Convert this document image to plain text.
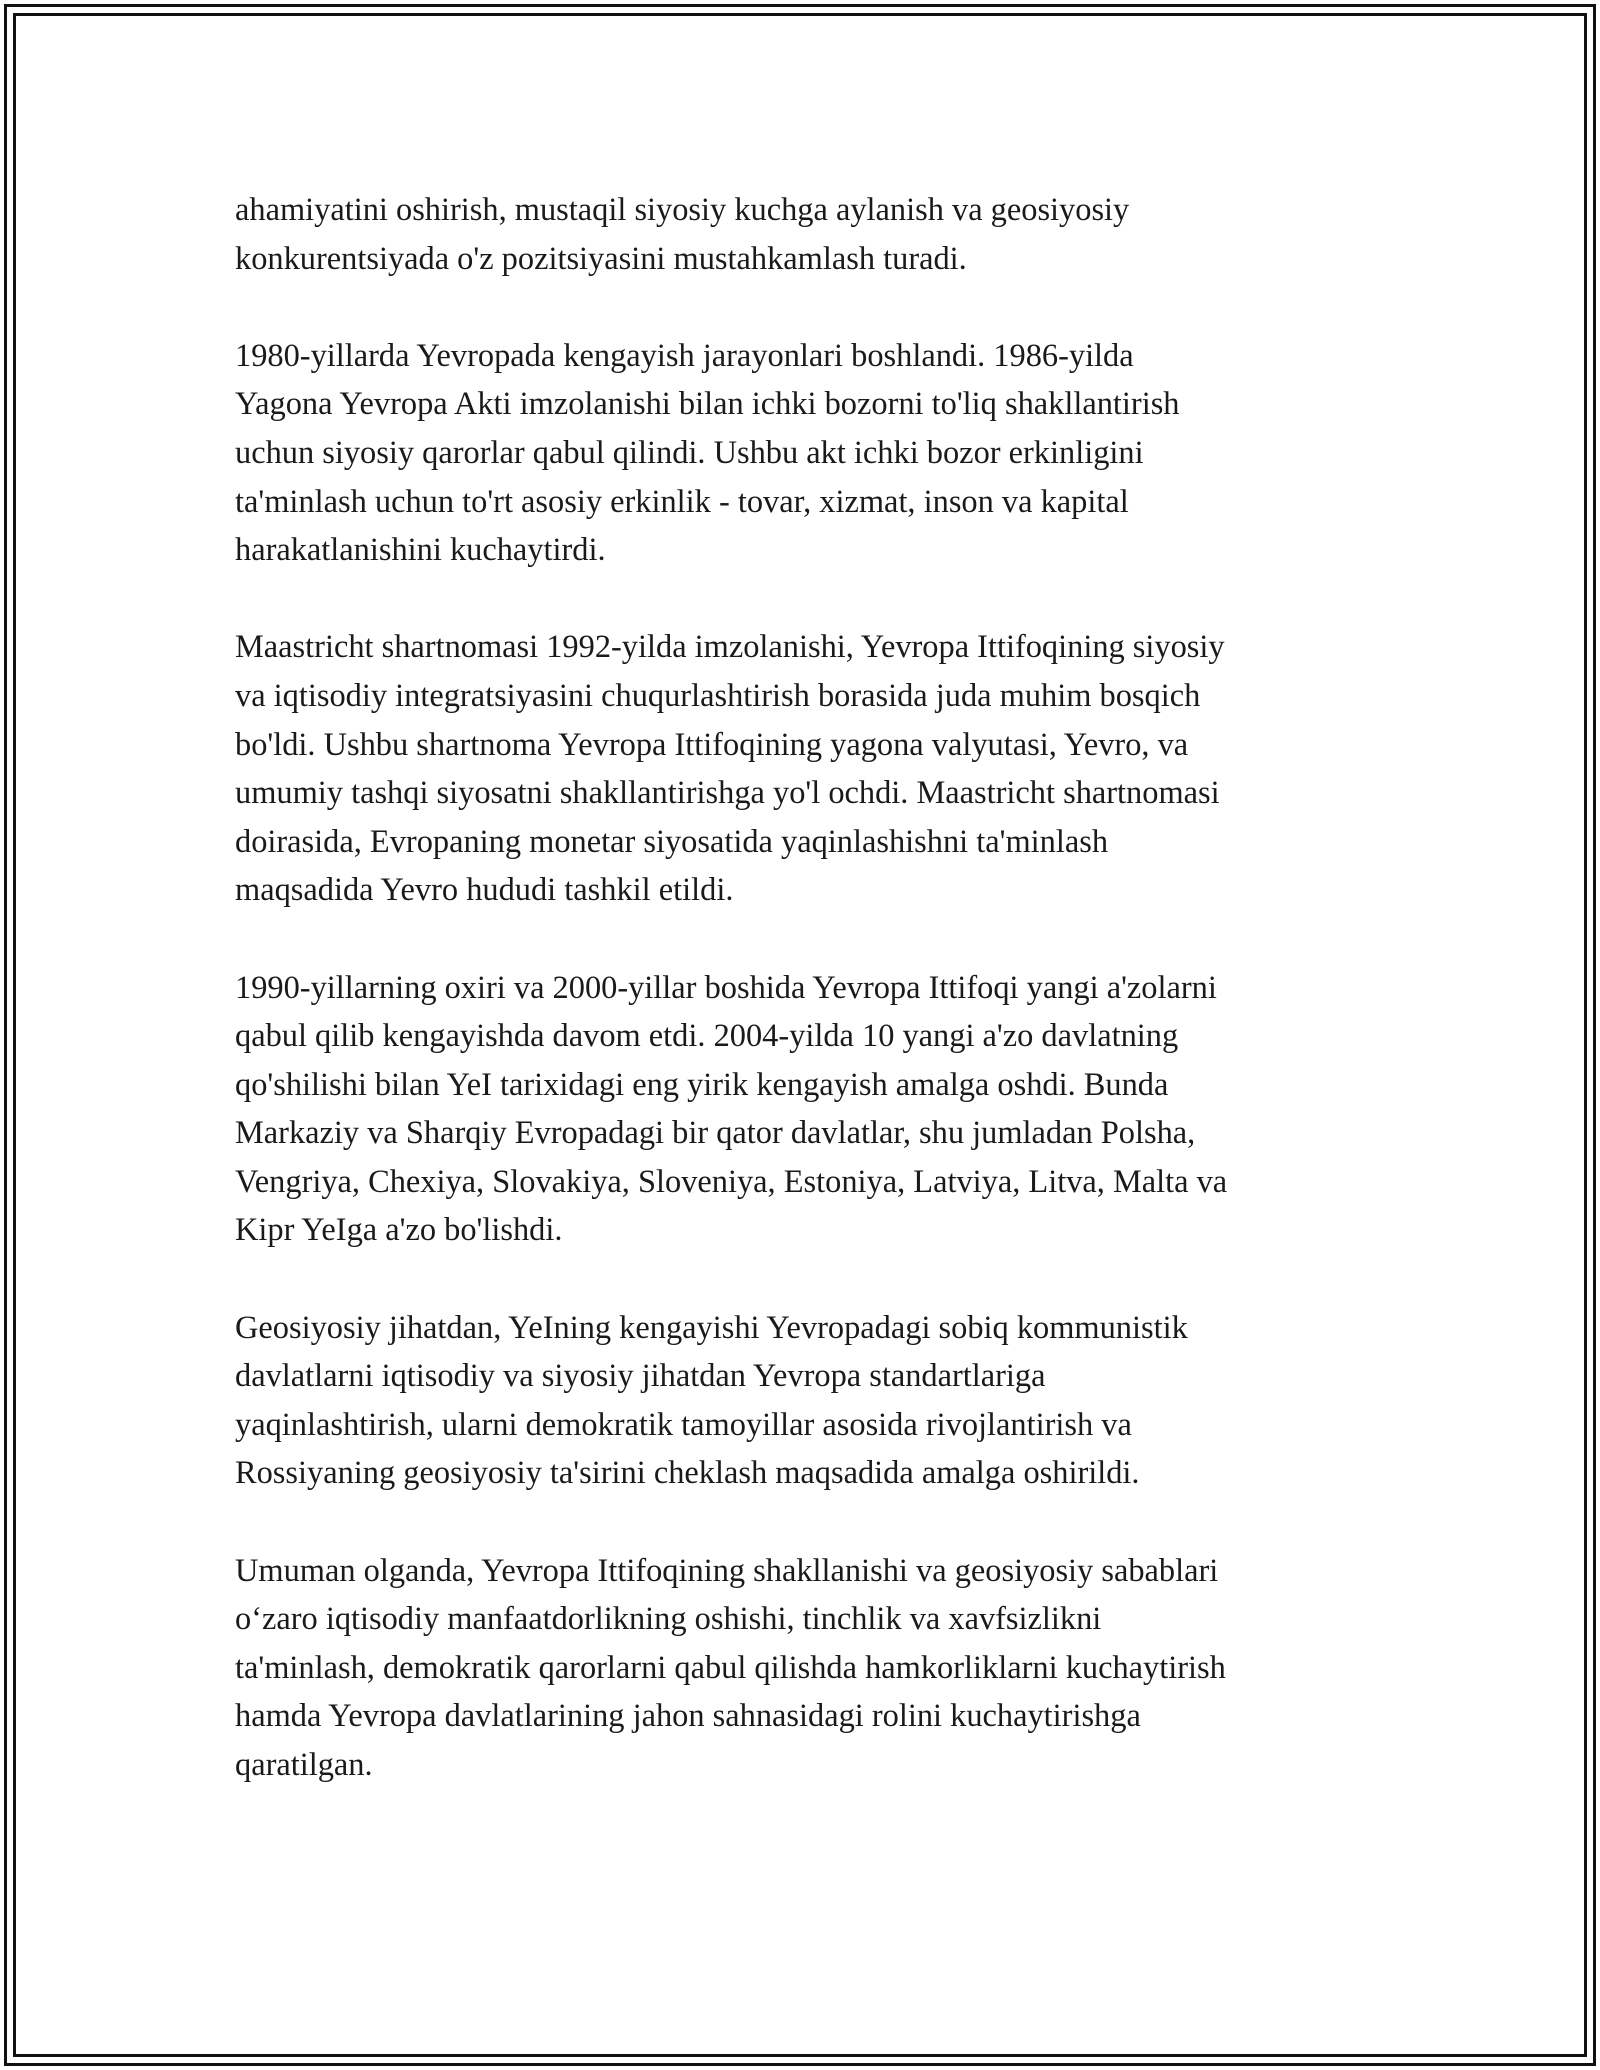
ahamiyatini oshirish, mustaqil siyosiy kuchga aylanish va geosiyosiy
konkurentsiyada o'z pozitsiyasini mustahkamlash turadi.

1980-yillarda Yevropada kengayish jarayonlari boshlandi. 1986-yilda
Yagona Yevropa Akti imzolanishi bilan ichki bozorni to'liq shakllantirish
uchun siyosiy qarorlar qabul qilindi. Ushbu akt ichki bozor erkinligini
ta'minlash uchun to'rt asosiy erkinlik - tovar, xizmat, inson va kapital
harakatlanishini kuchaytirdi.

Maastricht shartnomasi 1992-yilda imzolanishi, Yevropa Ittifoqining siyosiy
va iqtisodiy integratsiyasini chuqurlashtirish borasida juda muhim bosqich
bo'ldi. Ushbu shartnoma Yevropa Ittifoqining yagona valyutasi, Yevro, va
umumiy tashqi siyosatni shakllantirishga yo'l ochdi. Maastricht shartnomasi
doirasida, Evropaning monetar siyosatida yaqinlashishni ta'minlash
maqsadida Yevro hududi tashkil etildi.

1990-yillarning oxiri va 2000-yillar boshida Yevropa Ittifoqi yangi a'zolarni
qabul qilib kengayishda davom etdi. 2004-yilda 10 yangi a'zo davlatning
qo'shilishi bilan YeI tarixidagi eng yirik kengayish amalga oshdi. Bunda
Markaziy va Sharqiy Evropadagi bir qator davlatlar, shu jumladan Polsha,
Vengriya, Chexiya, Slovakiya, Sloveniya, Estoniya, Latviya, Litva, Malta va
Kipr YeIga a'zo bo'lishdi.

Geosiyosiy jihatdan, YeIning kengayishi Yevropadagi sobiq kommunistik
davlatlarni iqtisodiy va siyosiy jihatdan Yevropa standartlariga
yaqinlashtirish, ularni demokratik tamoyillar asosida rivojlantirish va
Rossiyaning geosiyosiy ta'sirini cheklash maqsadida amalga oshirildi.

Umuman olganda, Yevropa Ittifoqining shakllanishi va geosiyosiy sabablari
o‘zaro iqtisodiy manfaatdorlikning oshishi, tinchlik va xavfsizlikni
ta'minlash, demokratik qarorlarni qabul qilishda hamkorliklarni kuchaytirish
hamda Yevropa davlatlarining jahon sahnasidagi rolini kuchaytirishga
qaratilgan.
